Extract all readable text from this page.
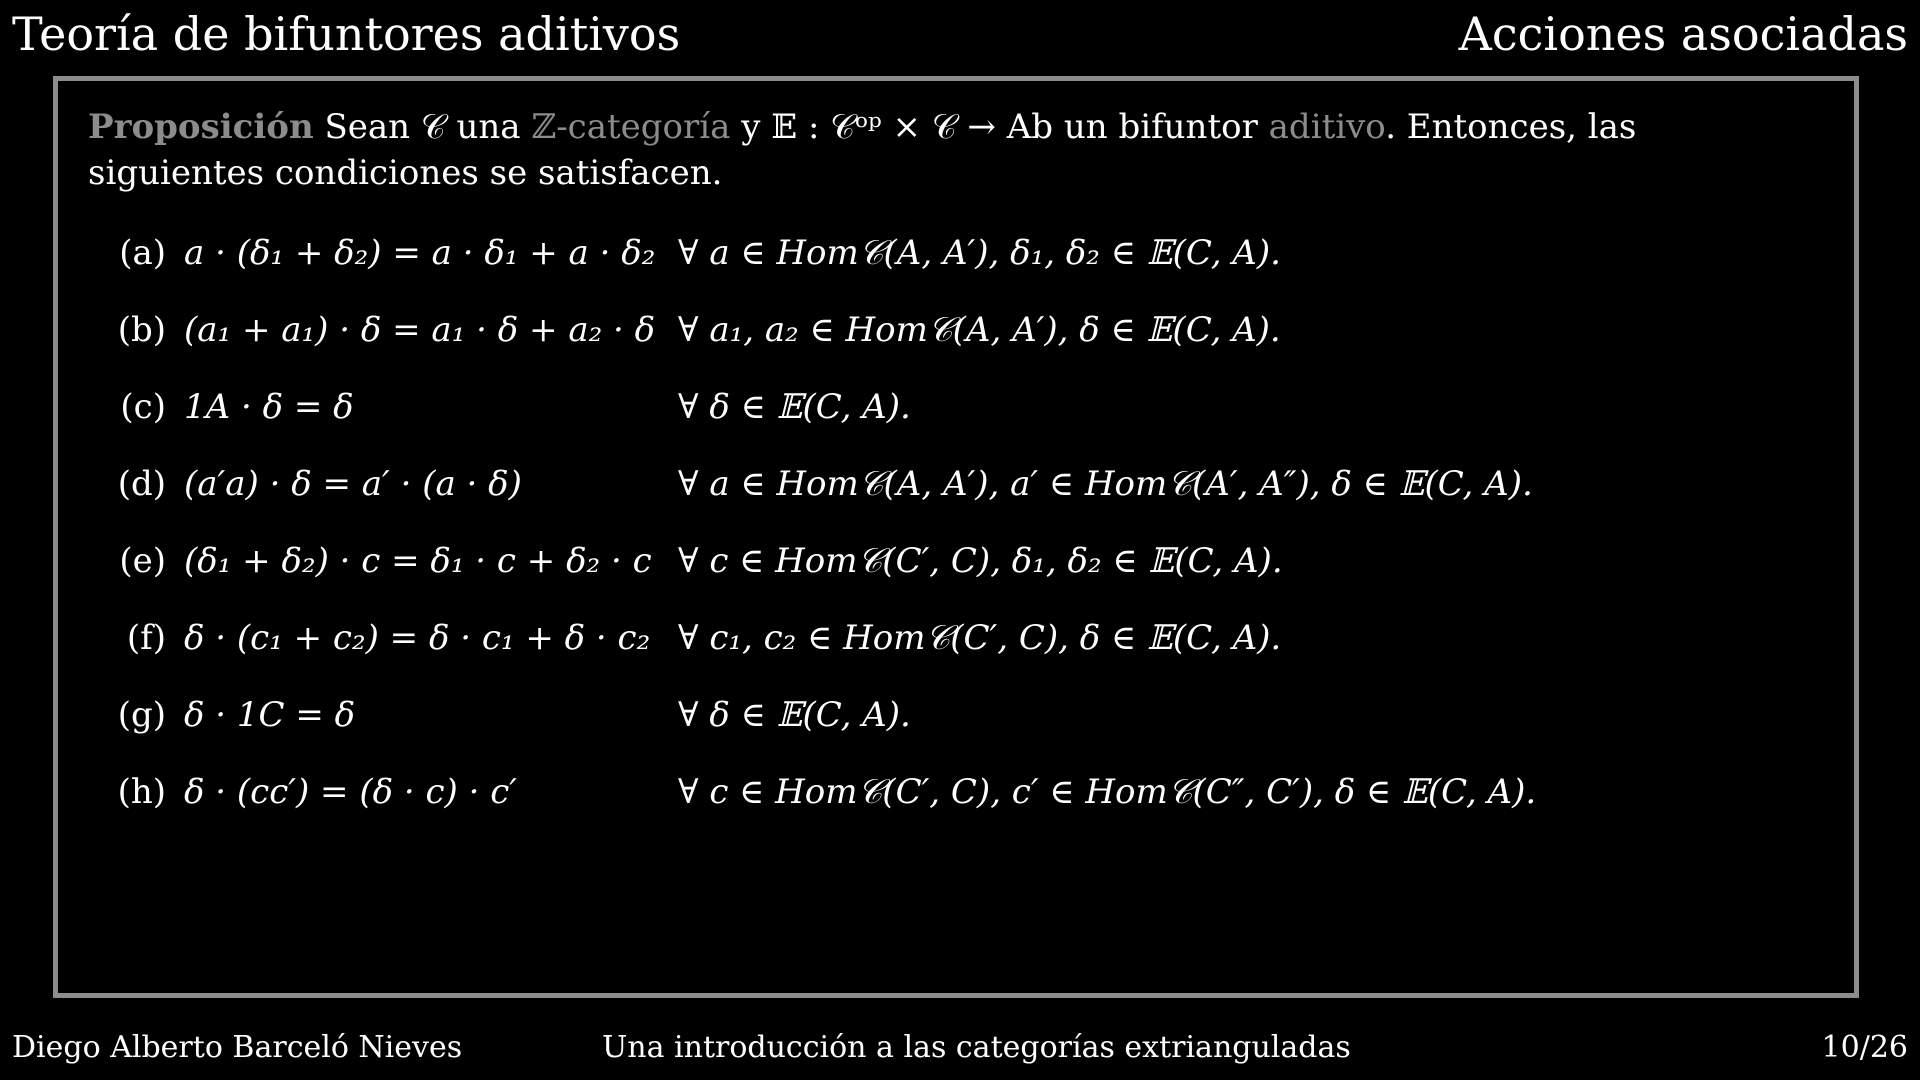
Teoría de bifuntores aditivos	Acciones asociadas
Proposición Sean 𝒞 una ℤ-categoría y 𝔼 : 𝒞ᵒᵖ × 𝒞 → Ab un bifuntor aditivo. Entonces, las siguientes condiciones se satisfacen.
(a) a · (δ₁ + δ₂) = a · δ₁ + a · δ₂ ∀ a ∈ Hom𝒞(A, A′), δ₁, δ₂ ∈ 𝔼(C, A).
(b) (a₁ + a₁) · δ = a₁ · δ + a₂ · δ ∀ a₁, a₂ ∈ Hom𝒞(A, A′), δ ∈ 𝔼(C, A).
(c) 1A · δ = δ	∀ δ ∈ 𝔼(C, A).
(d) (a′a) · δ = a′ · (a · δ)	∀ a ∈ Hom𝒞(A, A′), a′ ∈ Hom𝒞(A′, A″), δ ∈ 𝔼(C, A).
(e) (δ₁ + δ₂) · c = δ₁ · c + δ₂ · c ∀ c ∈ Hom𝒞(C′, C), δ₁, δ₂ ∈ 𝔼(C, A).
(f) δ · (c₁ + c₂) = δ · c₁ + δ · c₂ ∀ c₁, c₂ ∈ Hom𝒞(C′, C), δ ∈ 𝔼(C, A).
(g) δ · 1C = δ	∀ δ ∈ 𝔼(C, A).
(h) δ · (cc′) = (δ · c) · c′	∀ c ∈ Hom𝒞(C′, C), c′ ∈ Hom𝒞(C″, C′), δ ∈ 𝔼(C, A).
Diego Alberto Barceló Nieves	Una introducción a las categorías extrianguladas	10/26
